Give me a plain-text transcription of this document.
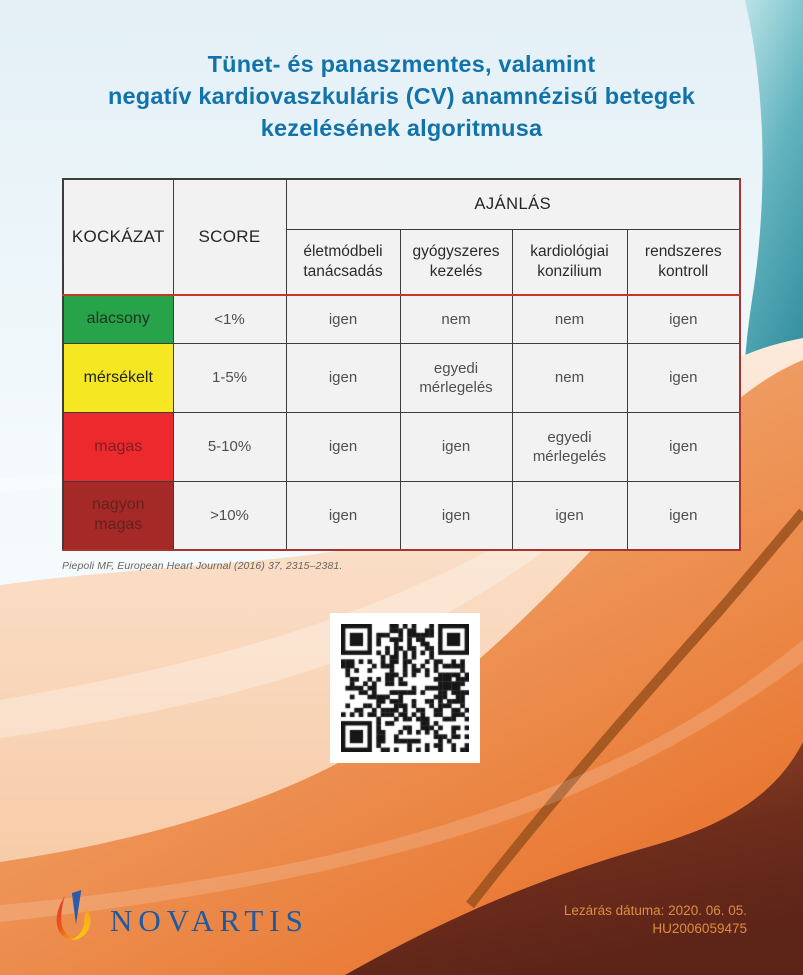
Tünet- és panaszmentes, valamint
negatív kardiovaszkuláris (CV) anamnézisű betegek
kezelésének algoritmusa
KOCKÁZAT	SCORE	AJÁNLÁS			
		életmódbeli tanácsadás	gyógyszeres kezelés	kardiológiai konzilium	rendszeres kontroll
alacsony	<1%	igen	nem	nem	igen
mérsékelt	1-5%	igen	egyedi mérlegelés	nem	igen
magas	5-10%	igen	igen	egyedi mérlegelés	igen
nagyon magas	>10%	igen	igen	igen	igen
Piepoli MF, European Heart Journal (2016) 37, 2315–2381.
NOVARTIS	Lezárás dátuma: 2020. 06. 05.
HU2006059475
